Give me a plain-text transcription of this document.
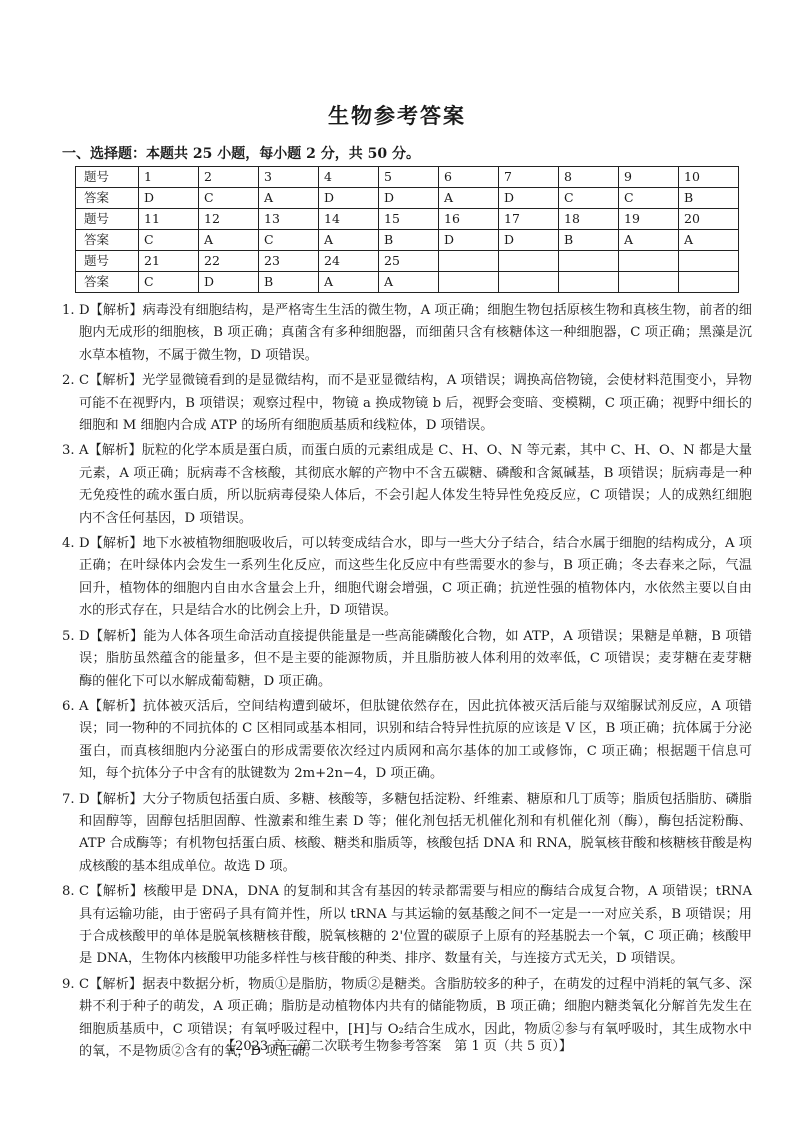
生物参考答案
一、选择题：本题共 25 小题，每小题 2 分，共 50 分。
题号	1	2	3	4	5	6	7	8	9	10
答案	D	C	A	D	D	A	D	C	C	B
题号	11	12	13	14	15	16	17	18	19	20
答案	C	A	C	A	B	D	D	B	A	A
题号	21	22	23	24	25					
答案	C	D	B	A	A					
1. D【解析】病毒没有细胞结构，是严格寄生生活的微生物，A 项正确；细胞生物包括原核生物和真核生物，前者的细胞内无成形的细胞核，B 项正确；真菌含有多种细胞器，而细菌只含有核糖体这一种细胞器，C 项正确；黑藻是沉水草本植物，不属于微生物，D 项错误。
2. C【解析】光学显微镜看到的是显微结构，而不是亚显微结构，A 项错误；调换高倍物镜，会使材料范围变小，异物可能不在视野内，B 项错误；观察过程中，物镜 a 换成物镜 b 后，视野会变暗、变模糊，C 项正确；视野中细长的细胞和 M 细胞内合成 ATP 的场所有细胞质基质和线粒体，D 项错误。
3. A【解析】朊粒的化学本质是蛋白质，而蛋白质的元素组成是 C、H、O、N 等元素，其中 C、H、O、N 都是大量元素，A 项正确；朊病毒不含核酸，其彻底水解的产物中不含五碳糖、磷酸和含氮碱基，B 项错误；朊病毒是一种无免疫性的疏水蛋白质，所以朊病毒侵染人体后，不会引起人体发生特异性免疫反应，C 项错误；人的成熟红细胞内不含任何基因，D 项错误。
4. D【解析】地下水被植物细胞吸收后，可以转变成结合水，即与一些大分子结合，结合水属于细胞的结构成分，A 项正确；在叶绿体内会发生一系列生化反应，而这些生化反应中有些需要水的参与，B 项正确；冬去春来之际，气温回升，植物体的细胞内自由水含量会上升，细胞代谢会增强，C 项正确；抗逆性强的植物体内，水依然主要以自由水的形式存在，只是结合水的比例会上升，D 项错误。
5. D【解析】能为人体各项生命活动直接提供能量是一些高能磷酸化合物，如 ATP，A 项错误；果糖是单糖，B 项错误；脂肪虽然蕴含的能量多，但不是主要的能源物质，并且脂肪被人体利用的效率低，C 项错误；麦芽糖在麦芽糖酶的催化下可以水解成葡萄糖，D 项正确。
6. A【解析】抗体被灭活后，空间结构遭到破坏，但肽键依然存在，因此抗体被灭活后能与双缩脲试剂反应，A 项错误；同一物种的不同抗体的 C 区相同或基本相同，识别和结合特异性抗原的应该是 V 区，B 项正确；抗体属于分泌蛋白，而真核细胞内分泌蛋白的形成需要依次经过内质网和高尔基体的加工或修饰，C 项正确；根据题干信息可知，每个抗体分子中含有的肽键数为 2m+2n−4，D 项正确。
7. D【解析】大分子物质包括蛋白质、多糖、核酸等，多糖包括淀粉、纤维素、糖原和几丁质等；脂质包括脂肪、磷脂和固醇等，固醇包括胆固醇、性激素和维生素 D 等；催化剂包括无机催化剂和有机催化剂（酶），酶包括淀粉酶、ATP 合成酶等；有机物包括蛋白质、核酸、糖类和脂质等，核酸包括 DNA 和 RNA，脱氧核苷酸和核糖核苷酸是构成核酸的基本组成单位。故选 D 项。
8. C【解析】核酸甲是 DNA，DNA 的复制和其含有基因的转录都需要与相应的酶结合成复合物，A 项错误；tRNA 具有运输功能，由于密码子具有简并性，所以 tRNA 与其运输的氨基酸之间不一定是一一对应关系，B 项错误；用于合成核酸甲的单体是脱氧核糖核苷酸，脱氧核糖的 2'位置的碳原子上原有的羟基脱去一个氧，C 项正确；核酸甲是 DNA，生物体内核酸甲功能多样性与核苷酸的种类、排序、数量有关，与连接方式无关，D 项错误。
9. C【解析】据表中数据分析，物质①是脂肪，物质②是糖类。含脂肪较多的种子，在萌发的过程中消耗的氧气多、深耕不利于种子的萌发，A 项正确；脂肪是动植物体内共有的储能物质，B 项正确；细胞内糖类氧化分解首先发生在细胞质基质中，C 项错误；有氧呼吸过程中，[H]与 O₂结合生成水，因此，物质②参与有氧呼吸时，其生成物水中的氧，不是物质②含有的氧，D 项正确。
【2023 高三第二次联考生物参考答案　第 1 页（共 5 页）】
